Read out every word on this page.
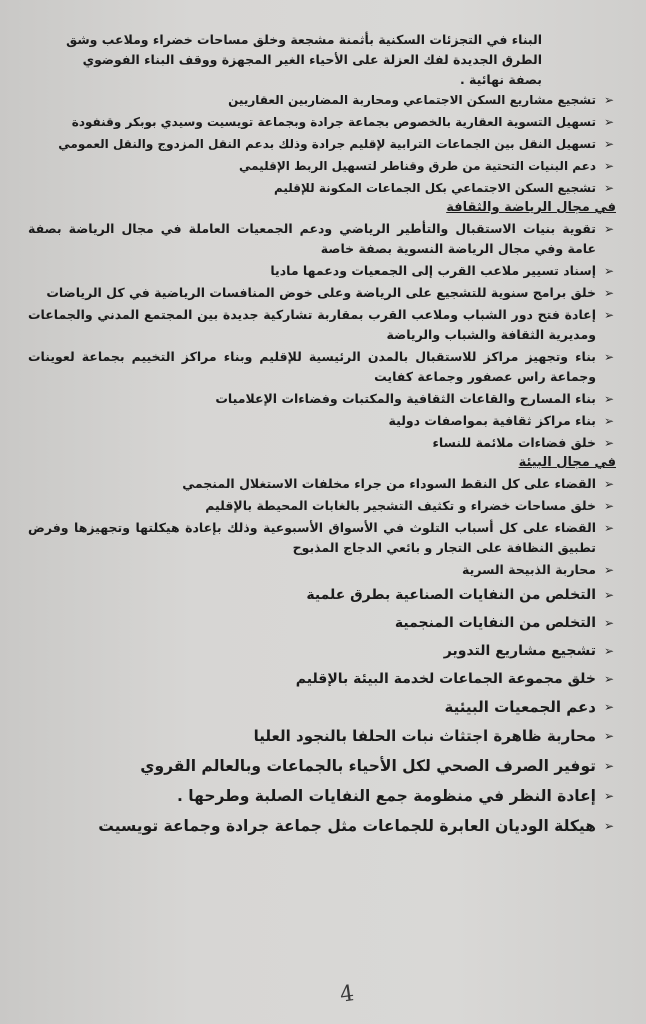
البناء في التجزئات السكنية بأثمنة مشجعة وخلق مساحات خضراء وملاعب وشق

الطرق الجديدة لفك العزلة على الأحياء الغير المجهزة ووقف البناء الفوضوي

بصفة نهائية .

➢
تشجيع مشاريع السكن الاجتماعي ومحاربة المضاربين العقاريين

➢
تسهيل التسوية العقارية بالخصوص بجماعة جرادة وبجماعة تويسيت وسيدي بوبكر وقنفودة

➢
تسهيل النقل بين الجماعات الترابية لإقليم جرادة وذلك بدعم النقل المزدوج والنقل العمومي

➢
دعم البنيات التحتية من طرق وقناطر لتسهيل الربط الإقليمي

➢
تشجيع السكن الاجتماعي بكل الجماعات المكونة للإقليم

في مجال الرياضة والثقافة

➢
تقوية بنيات الاستقبال والتأطير الرياضي ودعم الجمعيات العاملة في مجال الرياضة بصفة عامة وفي مجال الرياضة النسوية بصفة خاصة

➢
إسناد تسيير ملاعب القرب إلى الجمعيات ودعمها ماديا

➢
خلق برامج سنوية للتشجيع على الرياضة وعلى خوض المنافسات الرياضية في كل الرياضات

➢
إعادة فتح دور الشباب وملاعب القرب بمقاربة تشاركية جديدة بين المجتمع المدني والجماعات ومديرية الثقافة والشباب والرياضة

➢
بناء وتجهيز مراكز للاستقبال بالمدن الرئيسية للإقليم وبناء مراكز التخييم بجماعة لعوينات وجماعة راس عصفور وجماعة كفايت

➢
بناء المسارح والقاعات الثقافية والمكتبات وفضاءات الإعلاميات

➢
بناء مراكز ثقافية بمواصفات دولية

➢
خلق فضاءات ملائمة للنساء

في مجال البيئة

➢
القضاء على كل النقط السوداء من جراء مخلفات الاستغلال المنجمي

➢
خلق مساحات خضراء و تكثيف التشجير بالغابات المحيطة بالإقليم

➢
القضاء على كل أسباب التلوث في الأسواق الأسبوعية وذلك بإعادة هيكلتها وتجهيزها وفرض تطبيق النظافة على التجار و بائعي الدجاج المذبوح

➢
محاربة الذبيحة السرية

➢
التخلص من النفايات الصناعية بطرق علمية

➢
التخلص من النفايات المنجمية

➢
تشجيع مشاريع التدوير

➢
خلق مجموعة الجماعات لخدمة البيئة بالإقليم

➢
دعم الجمعيات البيئية

➢
محاربة ظاهرة اجتثاث نبات الحلفا بالنجود العليا

➢
توفير الصرف الصحي لكل الأحياء بالجماعات وبالعالم القروي

➢
إعادة النظر في منظومة جمع النفايات الصلبة وطرحها .

➢
هيكلة الوديان العابرة للجماعات مثل جماعة جرادة وجماعة تويسيت

4
